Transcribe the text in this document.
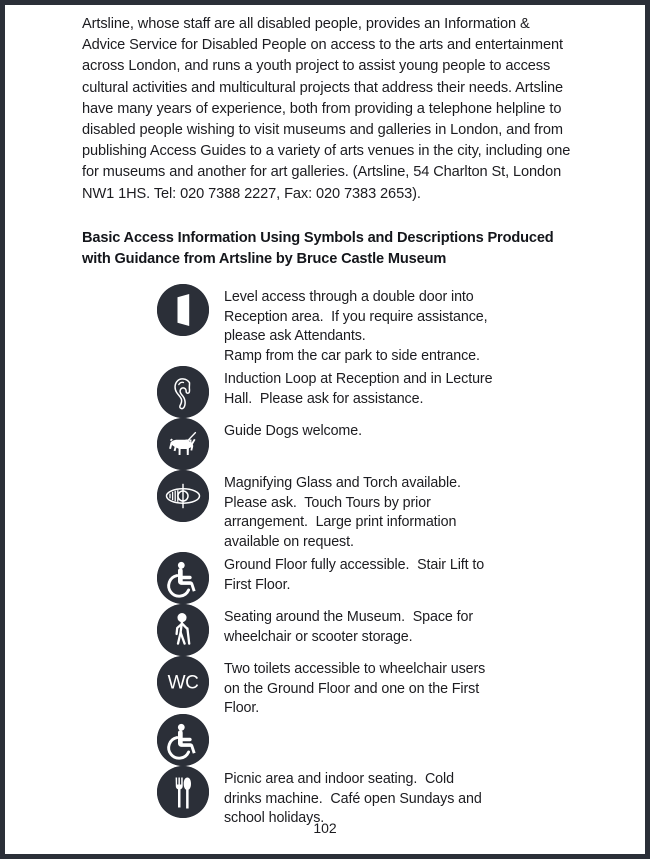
Artsline, whose staff are all disabled people, provides an Information & Advice Service for Disabled People on access to the arts and entertainment across London, and runs a youth project to assist young people to access cultural activities and multicultural projects that address their needs. Artsline have many years of experience, both from providing a telephone helpline to disabled people wishing to visit museums and galleries in London, and from publishing Access Guides to a variety of arts venues in the city, including one for museums and another for art galleries. (Artsline, 54 Charlton St, London NW1 1HS. Tel: 020 7388 2227, Fax: 020 7383 2653).

Basic Access Information Using Symbols and Descriptions Produced with Guidance from Artsline by Bruce Castle Museum

Level access through a double door into
Reception area.  If you require assistance,
please ask Attendants.
Ramp from the car park to side entrance.
Induction Loop at Reception and in Lecture
Hall.  Please ask for assistance.
Guide Dogs welcome.
Magnifying Glass and Torch available.
Please ask.  Touch Tours by prior
arrangement.  Large print information
available on request.
Ground Floor fully accessible.  Stair Lift to
First Floor.
Seating around the Museum.  Space for
wheelchair or scooter storage.
WC
Two toilets accessible to wheelchair users
on the Ground Floor and one on the First
Floor.
Picnic area and indoor seating.  Cold
drinks machine.  Café open Sundays and
school holidays.
102
